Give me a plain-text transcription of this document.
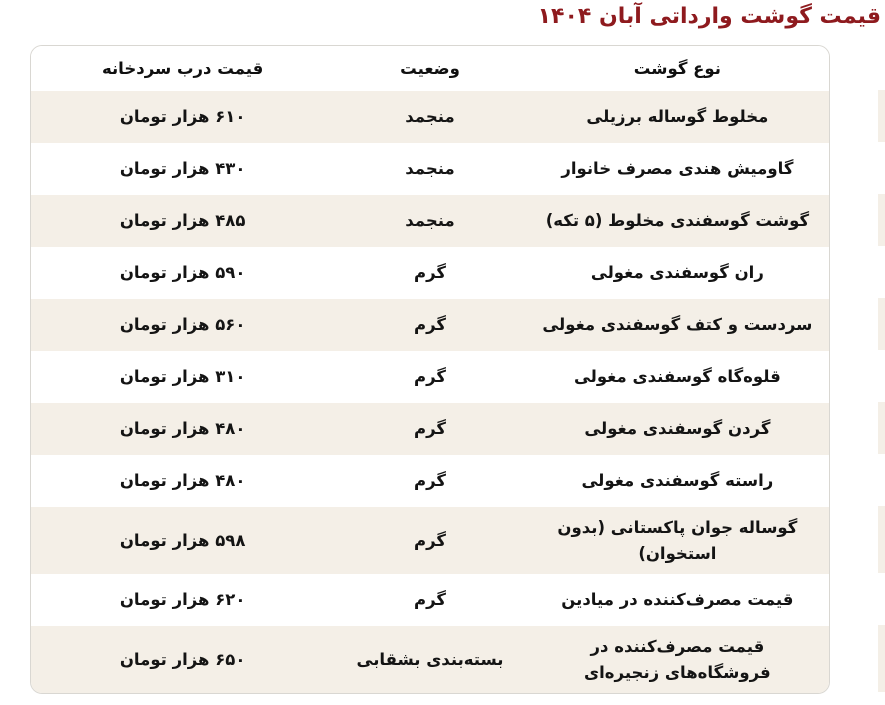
قیمت گوشت وارداتی آبان ۱۴۰۴
نوع گوشت
وضعیت
قیمت درب سردخانه
مخلوط گوساله برزیلی
منجمد
۶۱۰ هزار تومان
گاومیش هندی مصرف خانوار
منجمد
۴۳۰ هزار تومان
گوشت گوسفندی مخلوط (۵ تکه)
منجمد
۴۸۵ هزار تومان
ران گوسفندی مغولی
گرم
۵۹۰ هزار تومان
سردست و کتف گوسفندی مغولی
گرم
۵۶۰ هزار تومان
قلوه‌گاه گوسفندی مغولی
گرم
۳۱۰ هزار تومان
گردن گوسفندی مغولی
گرم
۴۸۰ هزار تومان
راسته گوسفندی مغولی
گرم
۴۸۰ هزار تومان
گوساله جوان پاکستانی (بدون استخوان)
گرم
۵۹۸ هزار تومان
قیمت مصرف‌کننده در میادین
گرم
۶۲۰ هزار تومان
قیمت مصرف‌کننده در فروشگاه‌های زنجیره‌ای
بسته‌بندی بشقابی
۶۵۰ هزار تومان
